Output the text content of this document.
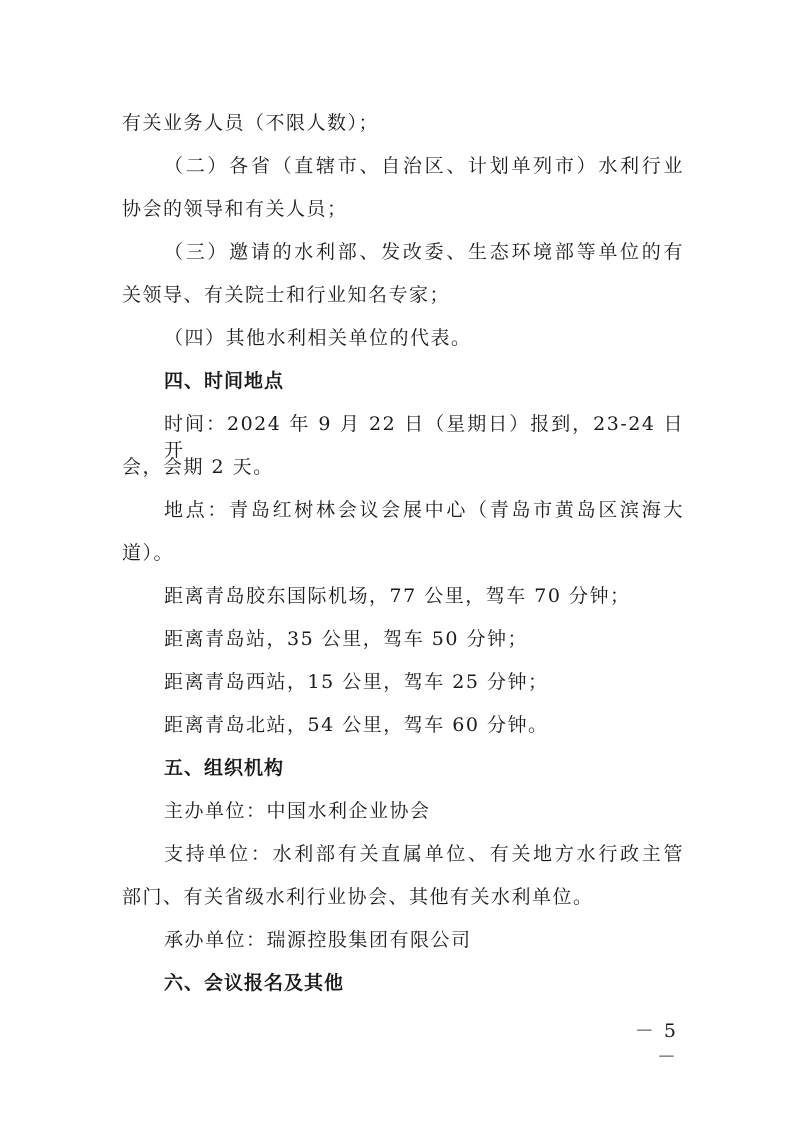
有关业务人员（不限人数）；
（二）各省（直辖市、自治区、计划单列市）水利行业
协会的领导和有关人员；
（三）邀请的水利部、发改委、生态环境部等单位的有
关领导、有关院士和行业知名专家；
（四）其他水利相关单位的代表。
四、时间地点
时间：2024 年 9 月 22 日（星期日）报到，23-24 日开
会，会期 2 天。
地点：青岛红树林会议会展中心（青岛市黄岛区滨海大
道）。
距离青岛胶东国际机场，77 公里，驾车 70 分钟；
距离青岛站，35 公里，驾车 50 分钟；
距离青岛西站，15 公里，驾车 25 分钟；
距离青岛北站，54 公里，驾车 60 分钟。
五、组织机构
主办单位：中国水利企业协会
支持单位：水利部有关直属单位、有关地方水行政主管
部门、有关省级水利行业协会、其他有关水利单位。
承办单位：瑞源控股集团有限公司
六、会议报名及其他
－ 5 －
